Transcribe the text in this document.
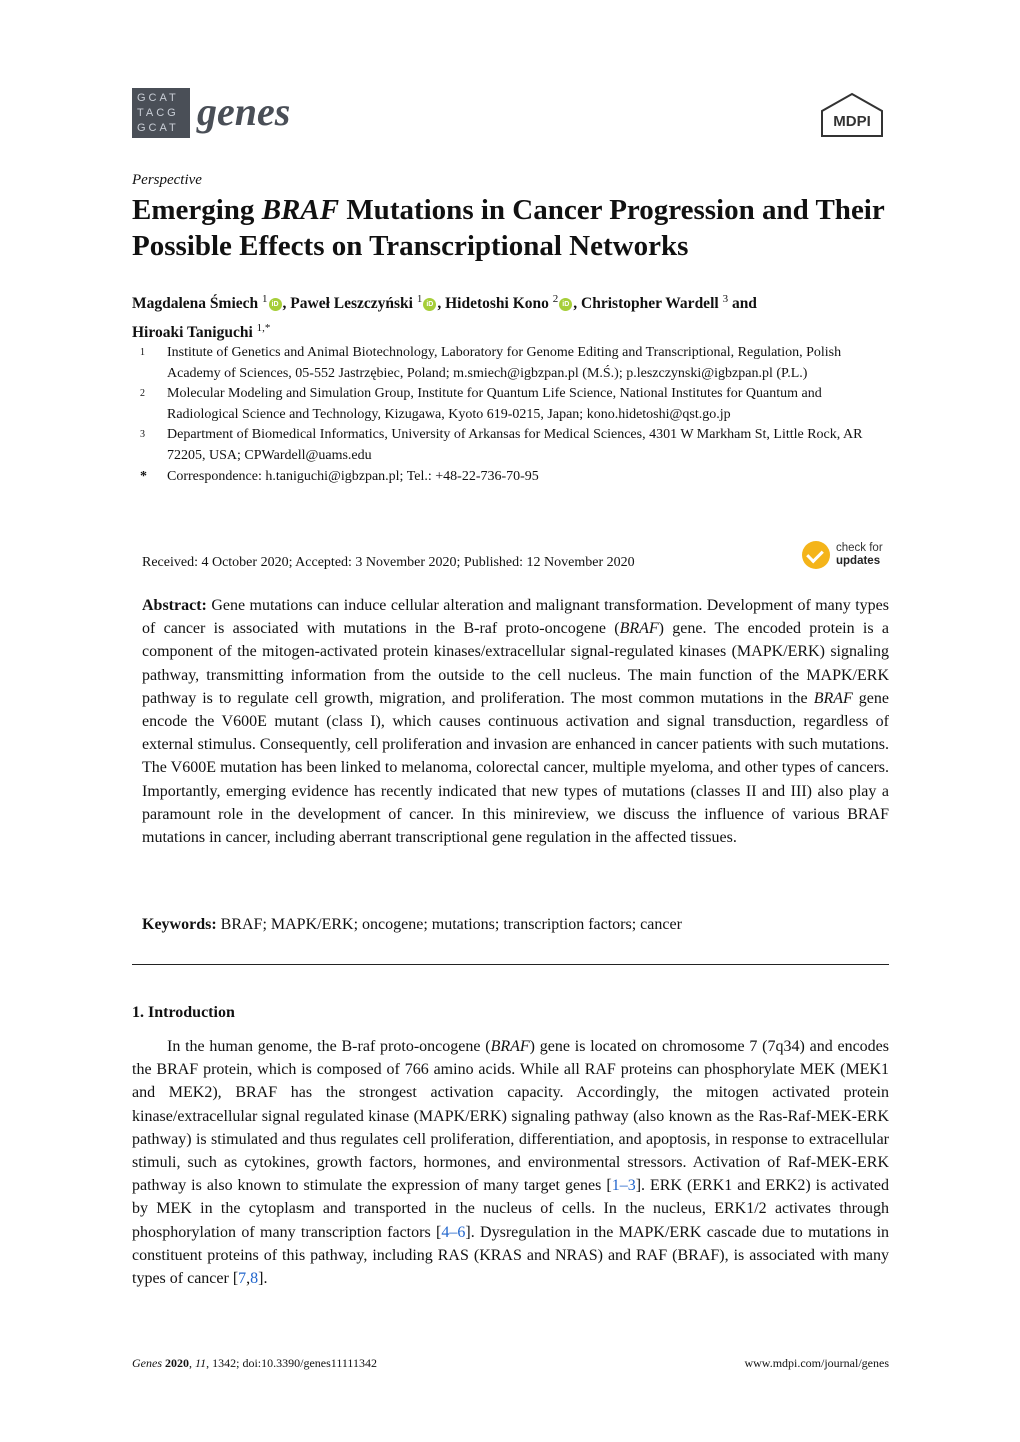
GCAT
TACG
GCAT genes	MDPI
Perspective
Emerging BRAF Mutations in Cancer Progression and Their Possible Effects on Transcriptional Networks
Magdalena Śmiech $^1$ iD , Paweł Leszczyński $^1$ iD , Hidetoshi Kono $^2$ iD , Christopher Wardell $^3$ and
Hiroaki Taniguchi $^{1,*}$
1	Institute of Genetics and Animal Biotechnology, Laboratory for Genome Editing and Transcriptional, Regulation, Polish Academy of Sciences, 05-552 Jastrzębiec, Poland; m.smiech@igbzpan.pl (M.Ś.); p.leszczynski@igbzpan.pl (P.L.)
2	Molecular Modeling and Simulation Group, Institute for Quantum Life Science, National Institutes for Quantum and Radiological Science and Technology, Kizugawa, Kyoto 619-0215, Japan; kono.hidetoshi@qst.go.jp
3	Department of Biomedical Informatics, University of Arkansas for Medical Sciences, 4301 W Markham St, Little Rock, AR 72205, USA; CPWardell@uams.edu
*	Correspondence: h.taniguchi@igbzpan.pl; Tel.: +48-22-736-70-95
Received: 4 October 2020; Accepted: 3 November 2020; Published: 12 November 2020
check for
updates
Abstract: Gene mutations can induce cellular alteration and malignant transformation. Development of many types of cancer is associated with mutations in the B-raf proto-oncogene (BRAF) gene. The encoded protein is a component of the mitogen-activated protein kinases/extracellular signal-regulated kinases (MAPK/ERK) signaling pathway, transmitting information from the outside to the cell nucleus. The main function of the MAPK/ERK pathway is to regulate cell growth, migration, and proliferation. The most common mutations in the BRAF gene encode the V600E mutant (class I), which causes continuous activation and signal transduction, regardless of external stimulus. Consequently, cell proliferation and invasion are enhanced in cancer patients with such mutations. The V600E mutation has been linked to melanoma, colorectal cancer, multiple myeloma, and other types of cancers. Importantly, emerging evidence has recently indicated that new types of mutations (classes II and III) also play a paramount role in the development of cancer. In this minireview, we discuss the influence of various BRAF mutations in cancer, including aberrant transcriptional gene regulation in the affected tissues.
Keywords: BRAF; MAPK/ERK; oncogene; mutations; transcription factors; cancer
1. Introduction
In the human genome, the B-raf proto-oncogene (BRAF) gene is located on chromosome 7 (7q34) and encodes the BRAF protein, which is composed of 766 amino acids. While all RAF proteins can phosphorylate MEK (MEK1 and MEK2), BRAF has the strongest activation capacity. Accordingly, the mitogen activated protein kinase/extracellular signal regulated kinase (MAPK/ERK) signaling pathway (also known as the Ras-Raf-MEK-ERK pathway) is stimulated and thus regulates cell proliferation, differentiation, and apoptosis, in response to extracellular stimuli, such as cytokines, growth factors, hormones, and environmental stressors. Activation of Raf-MEK-ERK pathway is also known to stimulate the expression of many target genes [1–3]. ERK (ERK1 and ERK2) is activated by MEK in the cytoplasm and transported in the nucleus of cells. In the nucleus, ERK1/2 activates through phosphorylation of many transcription factors [4–6]. Dysregulation in the MAPK/ERK cascade due to mutations in constituent proteins of this pathway, including RAS (KRAS and NRAS) and RAF (BRAF), is associated with many types of cancer [7,8].
Genes 2020, 11, 1342; doi:10.3390/genes11111342	www.mdpi.com/journal/genes
